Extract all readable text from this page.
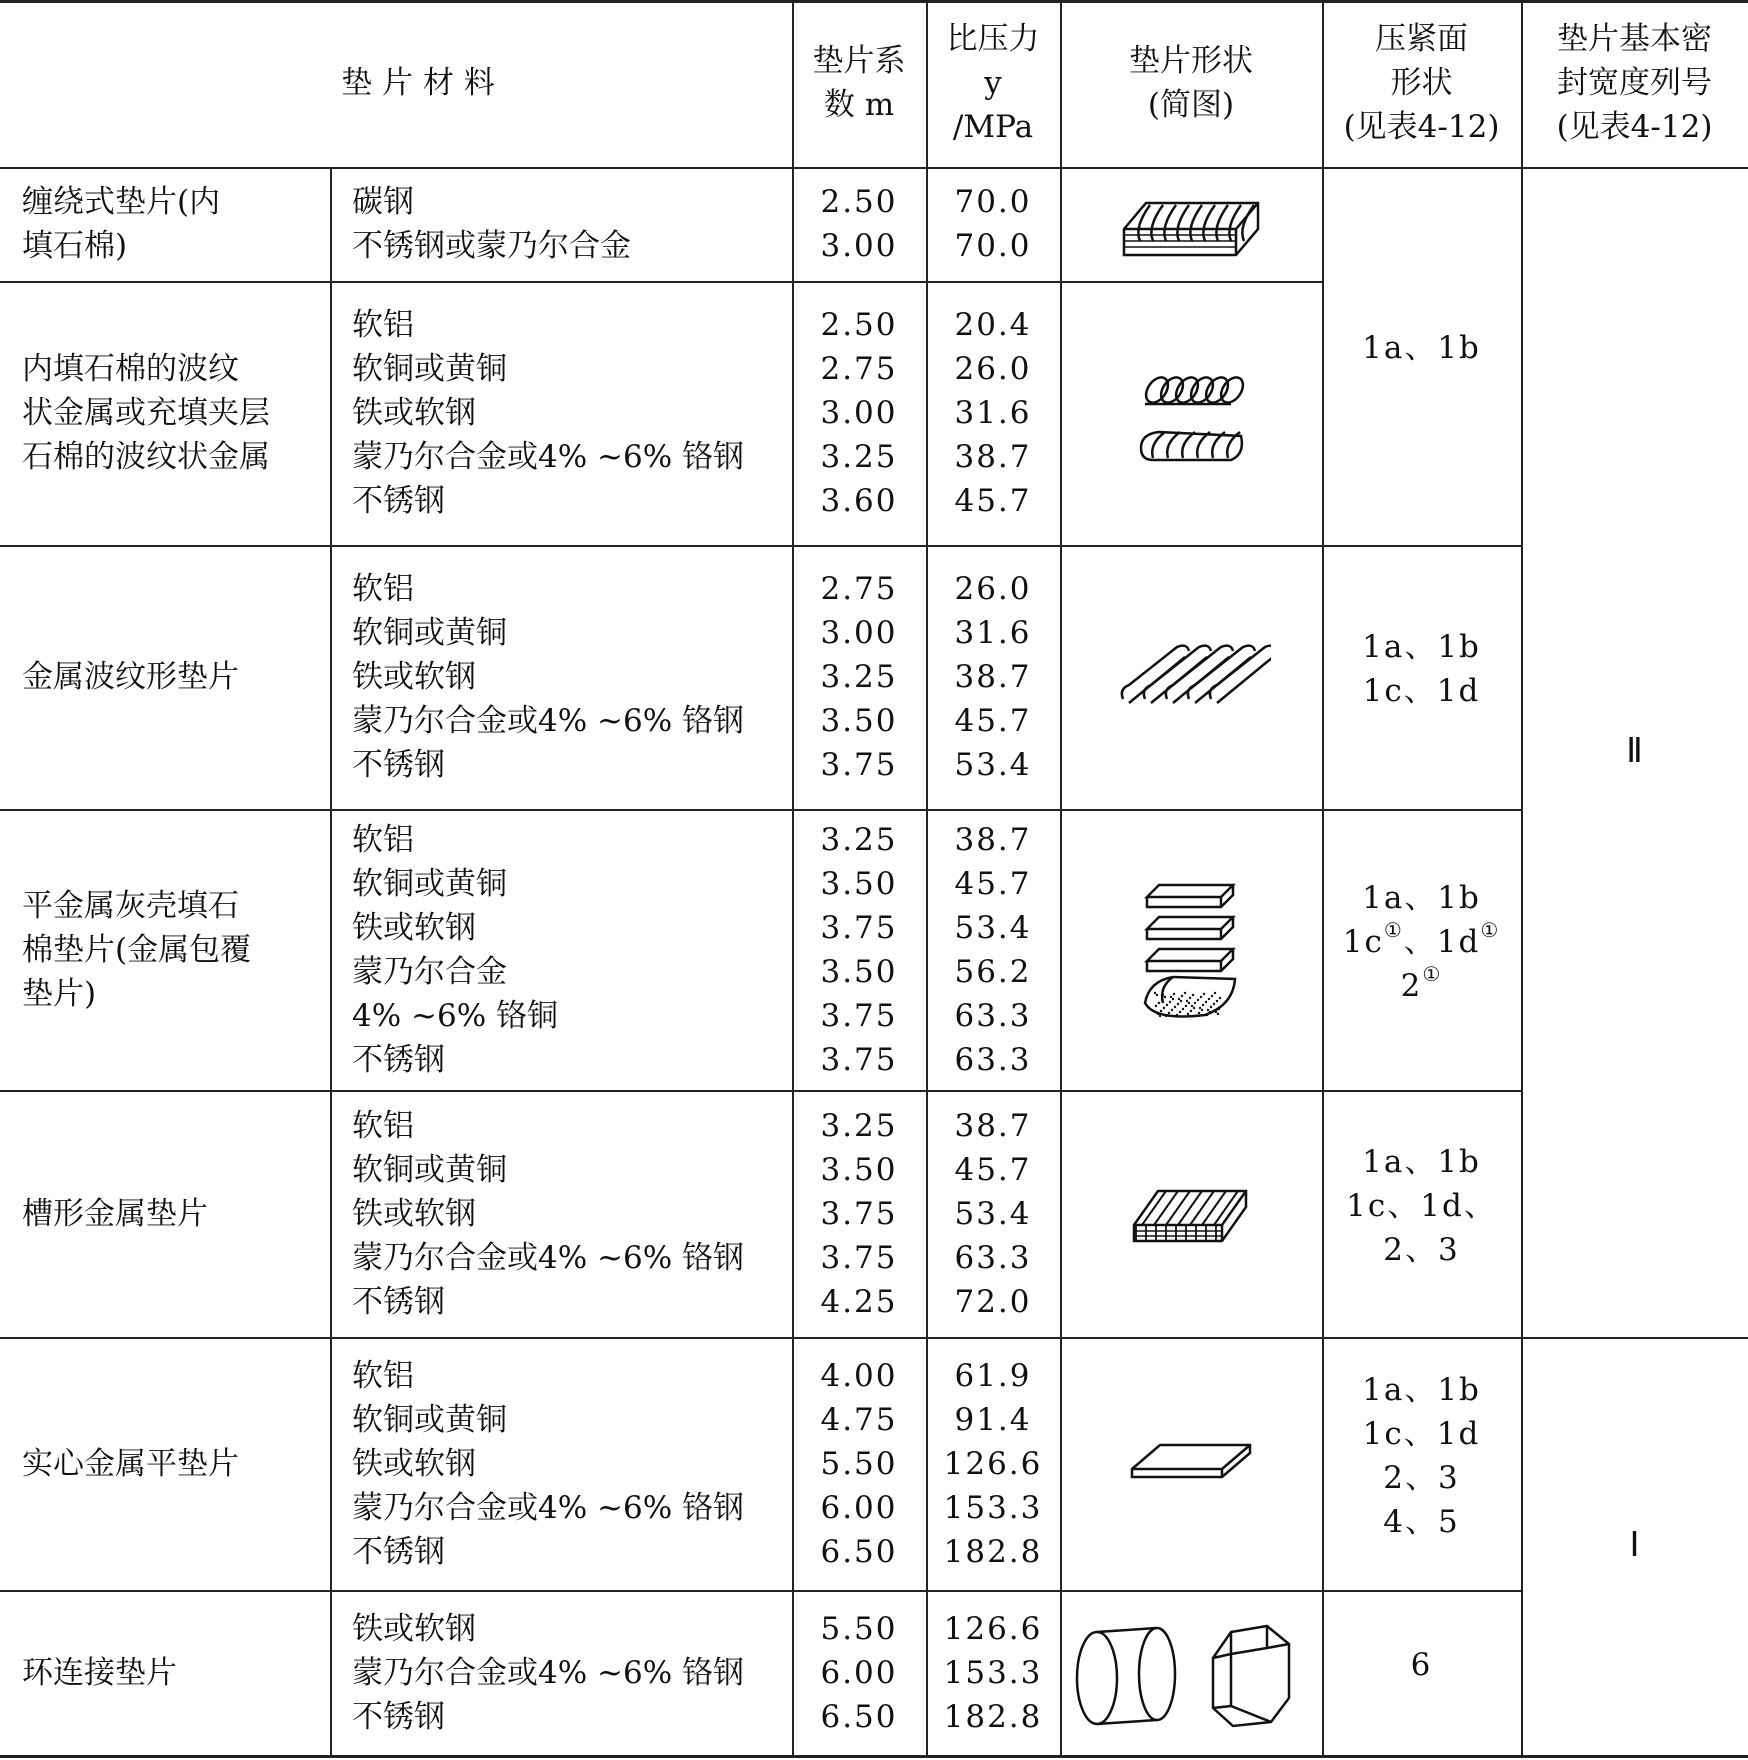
垫 片 材 料
垫片系
数 m
比压力
y
/MPa
垫片形状
(简图)
压紧面
形状
(见表4-12)
垫片基本密
封宽度列号
(见表4-12)
缠绕式垫片(内
填石棉)
碳钢
不锈钢或蒙乃尔合金
2.50
3.00
70.0
70.0
内填石棉的波纹
状金属或充填夹层
石棉的波纹状金属
软铝
软铜或黄铜
铁或软钢
蒙乃尔合金或4% ~6% 铬钢
不锈钢
2.50
2.75
3.00
3.25
3.60
20.4
26.0
31.6
38.7
45.7
金属波纹形垫片
软铝
软铜或黄铜
铁或软钢
蒙乃尔合金或4% ~6% 铬钢
不锈钢
2.75
3.00
3.25
3.50
3.75
26.0
31.6
38.7
45.7
53.4
平金属灰壳填石
棉垫片(金属包覆
垫片)
软铝
软铜或黄铜
铁或软钢
蒙乃尔合金
4% ~6% 铬铜
不锈钢
3.25
3.50
3.75
3.50
3.75
3.75
38.7
45.7
53.4
56.2
63.3
63.3
槽形金属垫片
软铝
软铜或黄铜
铁或软钢
蒙乃尔合金或4% ~6% 铬钢
不锈钢
3.25
3.50
3.75
3.75
4.25
38.7
45.7
53.4
63.3
72.0
实心金属平垫片
软铝
软铜或黄铜
铁或软钢
蒙乃尔合金或4% ~6% 铬钢
不锈钢
4.00
4.75
5.50
6.00
6.50
61.9
91.4
126.6
153.3
182.8
环连接垫片
铁或软钢
蒙乃尔合金或4% ~6% 铬钢
不锈钢
5.50
6.00
6.50
126.6
153.3
182.8
1a、1b
1a、1b
1c、1d
1a、1b
1c①、1d①
2①
1a、1b
1c、1d、
2、3
1a、1b
1c、1d
2、3
4、5
6
Ⅱ
Ⅰ
